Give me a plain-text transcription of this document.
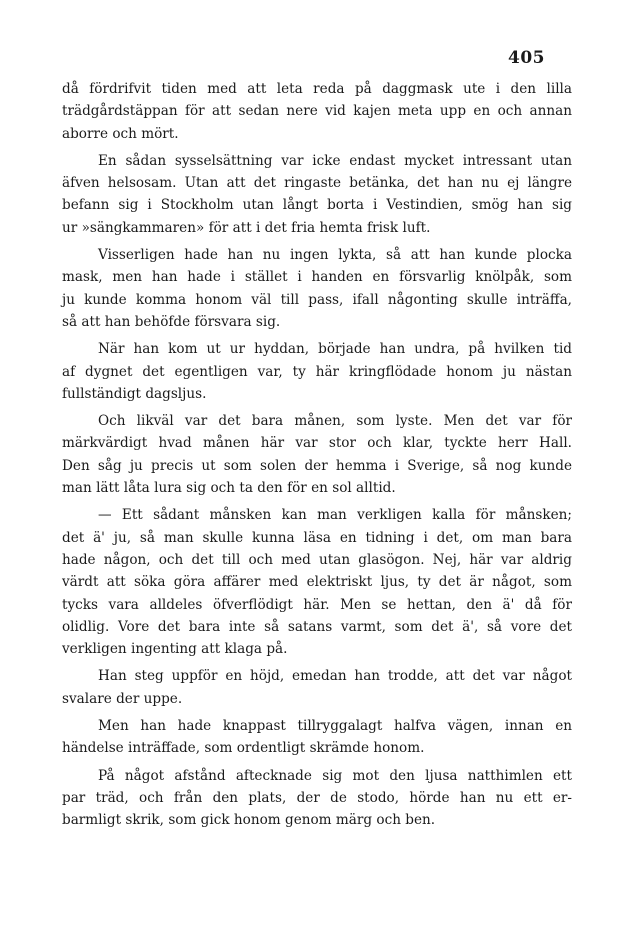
405
då fördrifvit tiden med att leta reda på daggmask ute i den lilla
trädgårdstäppan för att sedan nere vid kajen meta upp en och annan
aborre och mört.
En sådan sysselsättning var icke endast mycket intressant utan
äfven helsosam. Utan att det ringaste betänka, det han nu ej längre
befann sig i Stockholm utan långt borta i Vestindien, smög han sig
ur »sängkammaren» för att i det fria hemta frisk luft.
Visserligen hade han nu ingen lykta, så att han kunde plocka
mask, men han hade i stället i handen en försvarlig knölpåk, som
ju kunde komma honom väl till pass, ifall någonting skulle inträffa,
så att han behöfde försvara sig.
När han kom ut ur hyddan, började han undra, på hvilken tid
af dygnet det egentligen var, ty här kringflödade honom ju nästan
fullständigt dagsljus.
Och likväl var det bara månen, som lyste. Men det var för
märkvärdigt hvad månen här var stor och klar, tyckte herr Hall.
Den såg ju precis ut som solen der hemma i Sverige, så nog kunde
man lätt låta lura sig och ta den för en sol alltid.
— Ett sådant månsken kan man verkligen kalla för månsken;
det ä' ju, så man skulle kunna läsa en tidning i det, om man bara
hade någon, och det till och med utan glasögon. Nej, här var aldrig
värdt att söka göra affärer med elektriskt ljus, ty det är något, som
tycks vara alldeles öfverflödigt här. Men se hettan, den ä' då för
olidlig. Vore det bara inte så satans varmt, som det ä', så vore det
verkligen ingenting att klaga på.
Han steg uppför en höjd, emedan han trodde, att det var något
svalare der uppe.
Men han hade knappast tillryggalagt halfva vägen, innan en
händelse inträffade, som ordentligt skrämde honom.
På något afstånd aftecknade sig mot den ljusa natthimlen ett
par träd, och från den plats, der de stodo, hörde han nu ett er-
barmligt skrik, som gick honom genom märg och ben.
